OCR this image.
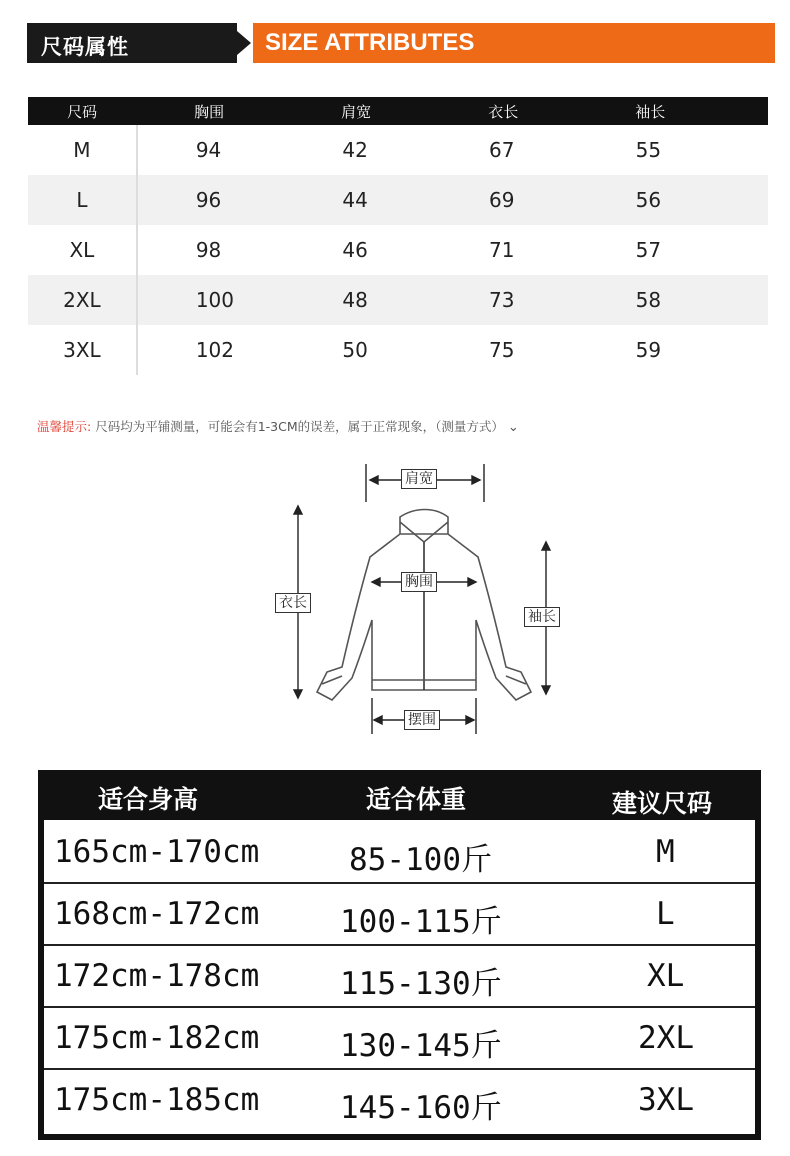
尺码属性	SIZE ATTRIBUTES
尺码	胸围	肩宽	衣长	袖长
M	94	42	67	55
L	96	44	69	56
XL	98	46	71	57
2XL	100	48	73	58
3XL	102	50	75	59
温馨提示: 尺码均为平铺测量，可能会有1-3CM的误差，属于正常现象，（测量方式） ⌄
肩宽
胸围
衣长
袖长
摆围
适合身高	适合体重	建议尺码
165cm-170cm	85-100斤	M
168cm-172cm	100-115斤	L
172cm-178cm	115-130斤	XL
175cm-182cm	130-145斤	2XL
175cm-185cm	145-160斤	3XL
